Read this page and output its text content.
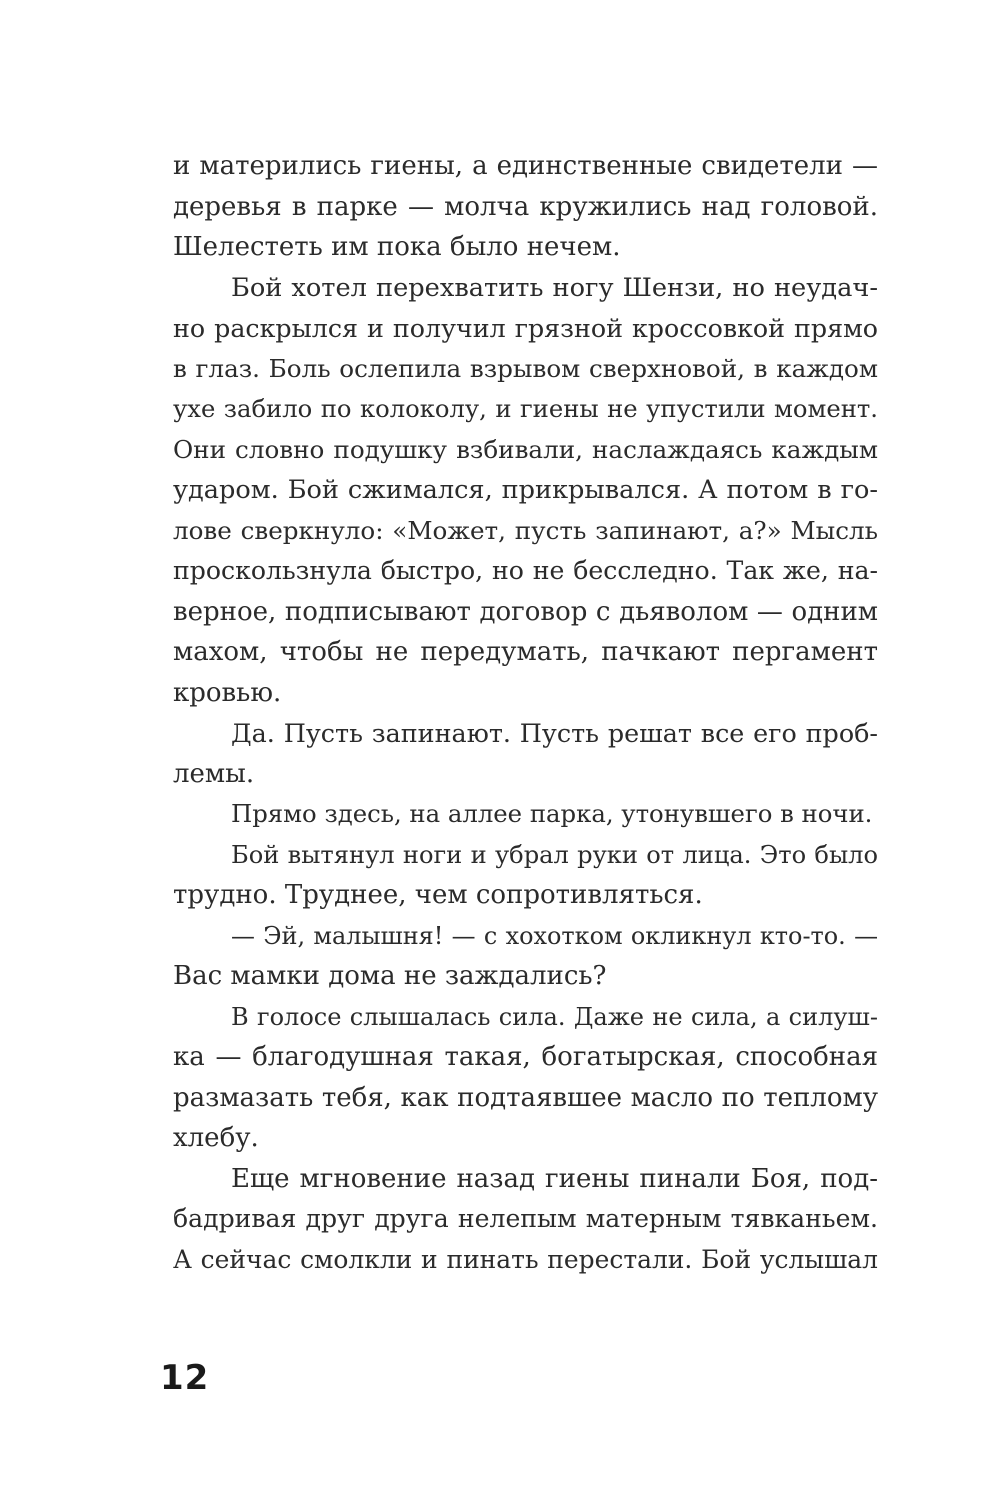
и матерились гиены, а единственные свидетели —
деревья в парке — молча кружились над головой.
Шелестеть им пока было нечем.
Бой хотел перехватить ногу Шензи, но неудач-
но раскрылся и получил грязной кроссовкой прямо
в глаз. Боль ослепила взрывом сверхновой, в каждом
ухе забило по колоколу, и гиены не упустили момент.
Они словно подушку взбивали, наслаждаясь каждым
ударом. Бой сжимался, прикрывался. А потом в го-
лове сверкнуло: «Может, пусть запинают, а?» Мысль
проскользнула быстро, но не бесследно. Так же, на-
верное, подписывают договор с дьяволом — одним
махом, чтобы не передумать, пачкают пергамент
кровью.
Да. Пусть запинают. Пусть решат все его проб-
лемы.
Прямо здесь, на аллее парка, утонувшего в ночи.
Бой вытянул ноги и убрал руки от лица. Это было
трудно. Труднее, чем сопротивляться.
— Эй, малышня! — с хохотком окликнул кто-то. —
Вас мамки дома не заждались?
В голосе слышалась сила. Даже не сила, а силуш-
ка — благодушная такая, богатырская, способная
размазать тебя, как подтаявшее масло по теплому
хлебу.
Еще мгновение назад гиены пинали Боя, под-
бадривая друг друга нелепым матерным тявканьем.
А сейчас смолкли и пинать перестали. Бой услышал
12
